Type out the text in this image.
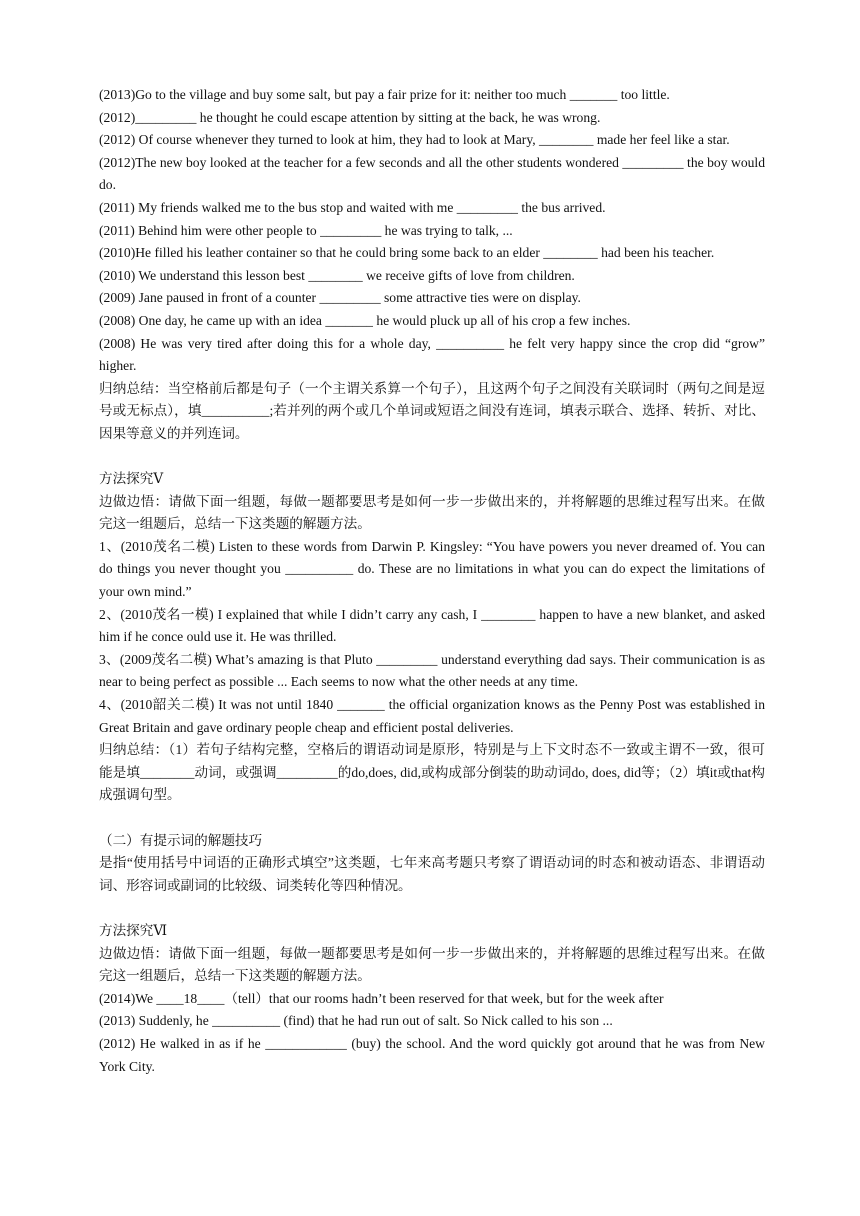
(2013)Go to the village and buy some salt, but pay a fair prize for it: neither too much _______ too little.

(2012)_________ he thought he could escape attention by sitting at the back, he was wrong.

(2012) Of course whenever they turned to look at him, they had to look at Mary, ________ made her feel like a star.

(2012)The new boy looked at the teacher for a few seconds and all the other students wondered _________ the boy would do.

(2011) My friends walked me to the bus stop and waited with me _________ the bus arrived.

(2011) Behind him were other people to _________ he was trying to talk, ...

(2010)He filled his leather container so that he could bring some back to an elder ________ had been his teacher.

(2010) We understand this lesson best ________ we receive gifts of love from children.

(2009) Jane paused in front of a counter _________ some attractive ties were on display.

(2008) One day, he came up with an idea _______ he would pluck up all of his crop a few inches.

(2008) He was very tired after doing this for a whole day, __________ he felt very happy since the crop did “grow” higher.

归纳总结：当空格前后都是句子（一个主谓关系算一个句子），且这两个句子之间没有关联词时（两句之间是逗号或无标点），填__________;若并列的两个或几个单词或短语之间没有连词，填表示联合、选择、转折、对比、因果等意义的并列连词。

方法探究Ⅴ

边做边悟：请做下面一组题，每做一题都要思考是如何一步一步做出来的，并将解题的思维过程写出来。在做完这一组题后，总结一下这类题的解题方法。

1、(2010茂名二模) Listen to these words from Darwin P. Kingsley: “You have powers you never dreamed of. You can do things you never thought you __________ do. These are no limitations in what you can do expect the limitations of your own mind.”

2、(2010茂名一模) I explained that while I didn’t carry any cash, I ________ happen to have a new blanket, and asked him if he conce ould use it. He was thrilled.

3、(2009茂名二模) What’s amazing is that Pluto _________ understand everything dad says. Their communication is as near to being perfect as possible ... Each seems to now what the other needs at any time.

4、(2010韶关二模) It was not until 1840 _______ the official organization knows as the Penny Post was established in Great Britain and gave ordinary people cheap and efficient postal deliveries.

归纳总结：（1）若句子结构完整，空格后的谓语动词是原形，特别是与上下文时态不一致或主谓不一致，很可能是填________动词，或强调_________的do,does, did,或构成部分倒装的助动词do, does, did等；（2）填it或that构成强调句型。

（二）有提示词的解题技巧

是指“使用括号中词语的正确形式填空”这类题，七年来高考题只考察了谓语动词的时态和被动语态、非谓语动词、形容词或副词的比较级、词类转化等四种情况。

方法探究Ⅵ

边做边悟：请做下面一组题，每做一题都要思考是如何一步一步做出来的，并将解题的思维过程写出来。在做完这一组题后，总结一下这类题的解题方法。

(2014)We ____18____（tell）that our rooms hadn’t been reserved for that week, but for the week after

(2013) Suddenly, he __________ (find) that he had run out of salt. So Nick called to his son ...

(2012) He walked in as if he ____________ (buy) the school. And the word quickly got around that he was from New York City.
